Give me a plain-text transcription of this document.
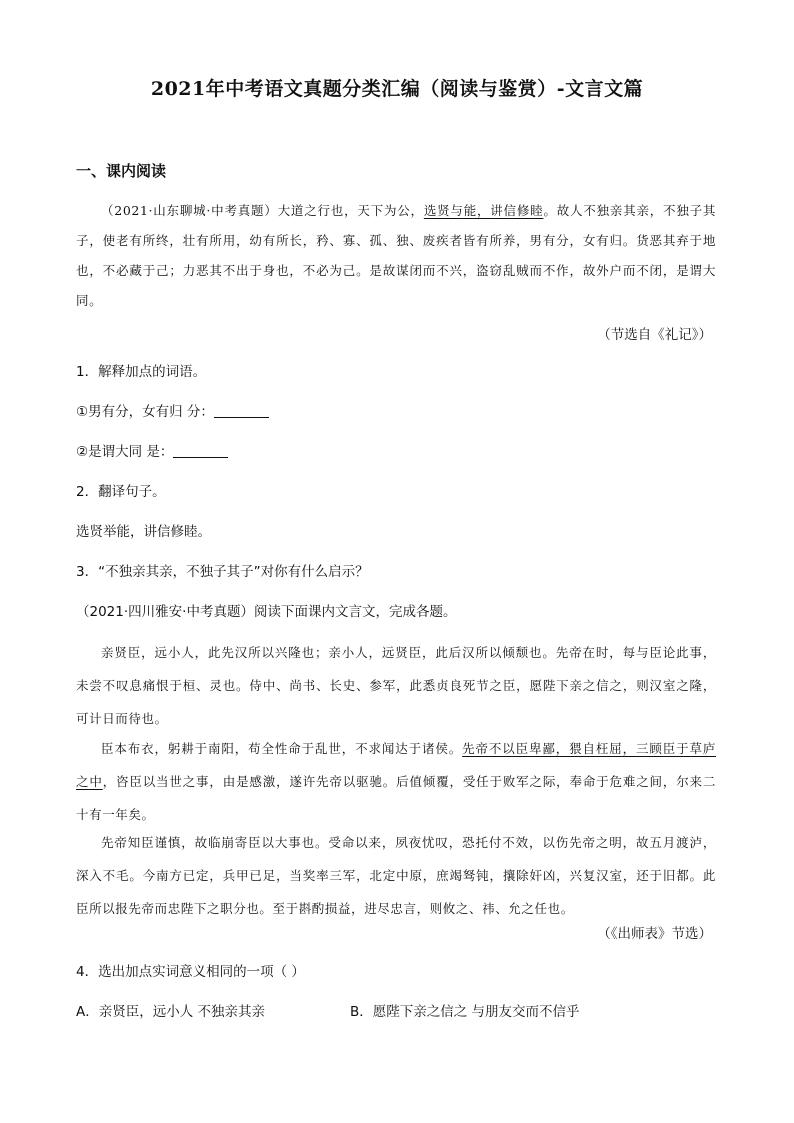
2021年中考语文真题分类汇编（阅读与鉴赏）-文言文篇
一、课内阅读
（2021·山东聊城·中考真题）大道之行也，天下为公，选贤与能，讲信修睦。故人不独亲其亲，不独子其子，使老有所终，壮有所用，幼有所长，矜、寡、孤、独、废疾者皆有所养，男有分，女有归。货恶其弃于地也，不必藏于己；力恶其不出于身也，不必为己。是故谋闭而不兴，盗窃乱贼而不作，故外户而不闭，是谓大同。
（节选自《礼记》）
1．解释加点的词语。
①男有分，女有归 分：
②是谓大同 是：
2．翻译句子。
选贤举能，讲信修睦。
3．“不独亲其亲，不独子其子”对你有什么启示？
（2021·四川雅安·中考真题）阅读下面课内文言文，完成各题。
亲贤臣，远小人，此先汉所以兴隆也；亲小人，远贤臣，此后汉所以倾颓也。先帝在时，每与臣论此事，未尝不叹息痛恨于桓、灵也。侍中、尚书、长史、参军，此悉贞良死节之臣，愿陛下亲之信之，则汉室之隆，可计日而待也。
臣本布衣，躬耕于南阳，苟全性命于乱世，不求闻达于诸侯。先帝不以臣卑鄙，猥自枉屈，三顾臣于草庐之中，咨臣以当世之事，由是感激，遂许先帝以驱驰。后值倾覆，受任于败军之际，奉命于危难之间，尔来二十有一年矣。
先帝知臣谨慎，故临崩寄臣以大事也。受命以来，夙夜忧叹，恐托付不效，以伤先帝之明，故五月渡泸，深入不毛。今南方已定，兵甲已足，当奖率三军，北定中原，庶竭驽钝，攘除奸凶，兴复汉室，还于旧都。此臣所以报先帝而忠陛下之职分也。至于斟酌损益，进尽忠言，则攸之、祎、允之任也。
（《出师表》节选）
4．选出加点实词意义相同的一项（ ）
A．亲贤臣，远小人 不独亲其亲	B．愿陛下亲之信之 与朋友交而不信乎
